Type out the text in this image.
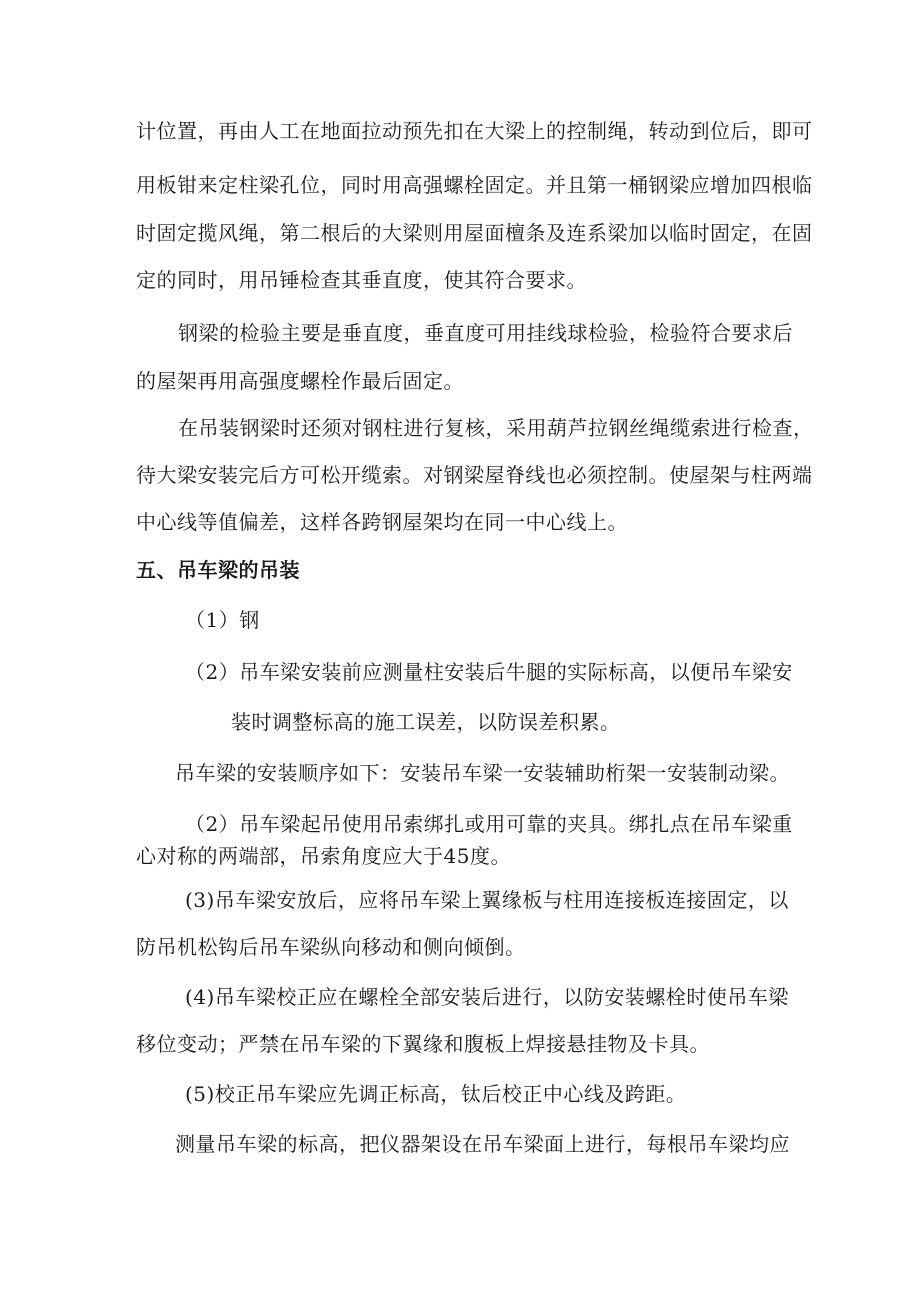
计位置，再由人工在地面拉动预先扣在大梁上的控制绳，转动到位后，即可
用板钳来定柱梁孔位，同时用高强螺栓固定。并且第一桶钢梁应增加四根临
时固定揽风绳，第二根后的大梁则用屋面檀条及连系梁加以临时固定，在固
定的同时，用吊锤检查其垂直度，使其符合要求。
钢梁的检验主要是垂直度，垂直度可用挂线球检验，检验符合要求后
的屋架再用高强度螺栓作最后固定。
在吊装钢梁时还须对钢柱进行复核，采用葫芦拉钢丝绳缆索进行检查，
待大梁安装完后方可松开缆索。对钢梁屋脊线也必须控制。使屋架与柱两端
中心线等值偏差，这样各跨钢屋架均在同一中心线上。
五、吊车梁的吊装
（1）钢
（2）吊车梁安装前应测量柱安装后牛腿的实际标高，以便吊车梁安
装时调整标高的施工误差，以防误差积累。
吊车梁的安装顺序如下：安装吊车梁一安装辅助桁架一安装制动梁。
（2）吊车梁起吊使用吊索绑扎或用可靠的夹具。绑扎点在吊车梁重
心对称的两端部，吊索角度应大于45度。
(3)吊车梁安放后，应将吊车梁上翼缘板与柱用连接板连接固定，以
防吊机松钩后吊车梁纵向移动和侧向倾倒。
(4)吊车梁校正应在螺栓全部安装后进行，以防安装螺栓时使吊车梁
移位变动；严禁在吊车梁的下翼缘和腹板上焊接悬挂物及卡具。
(5)校正吊车梁应先调正标高，钛后校正中心线及跨距。
测量吊车梁的标高，把仪器架设在吊车梁面上进行，每根吊车梁均应
